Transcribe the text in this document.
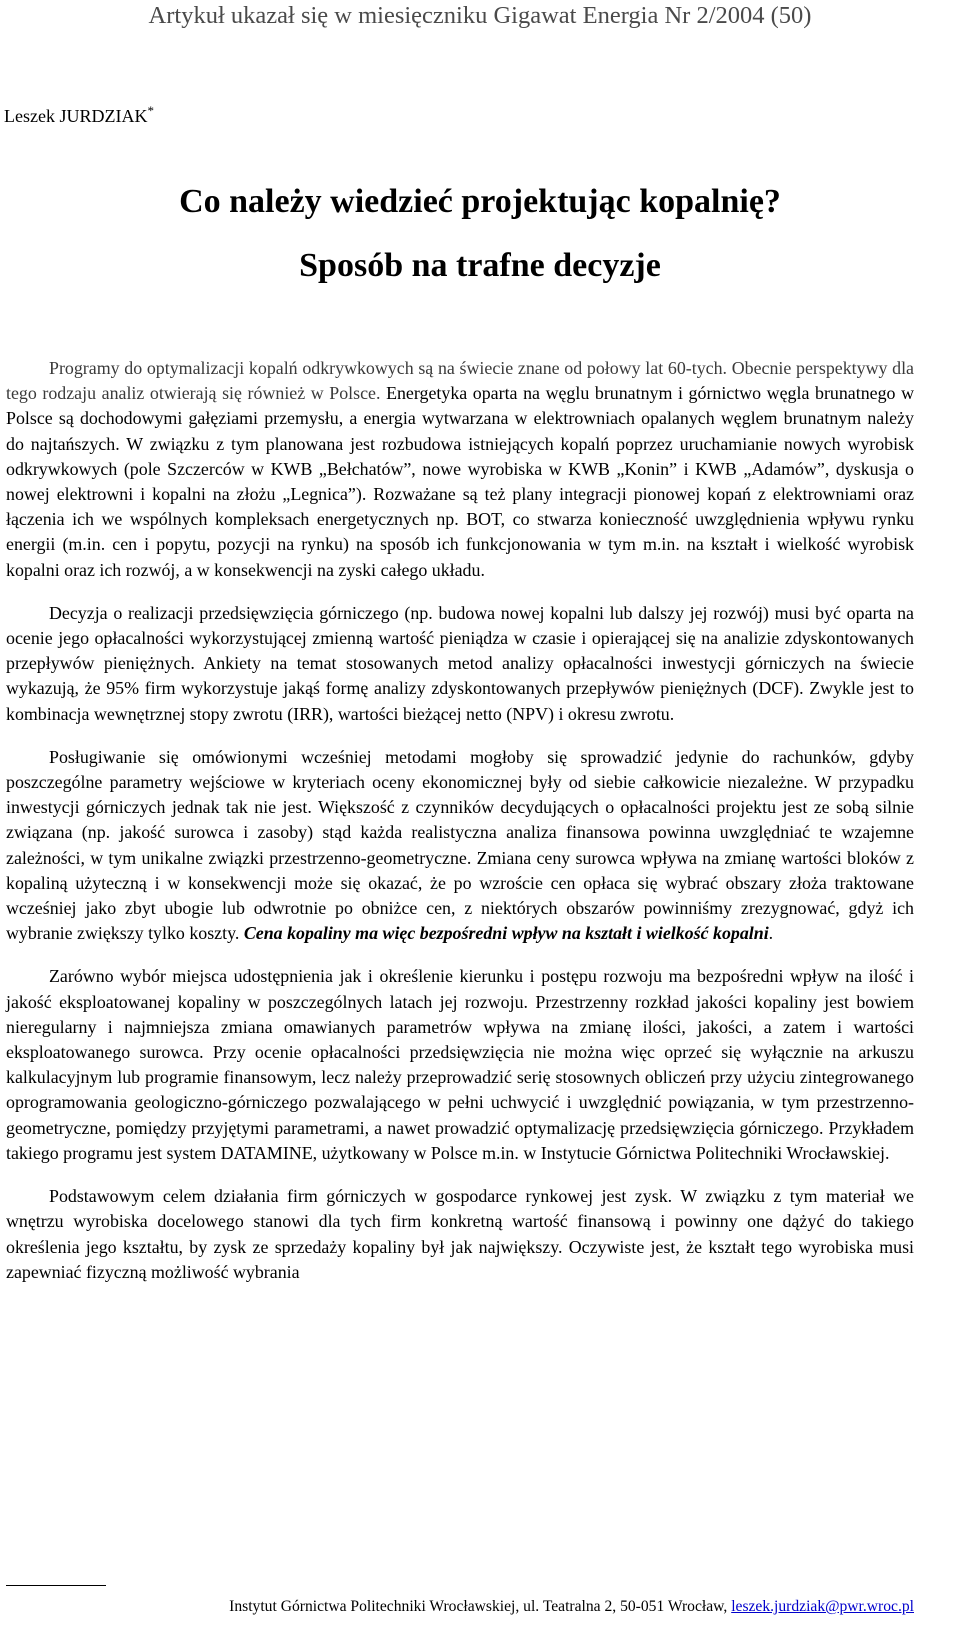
Artykuł ukazał się w miesięczniku Gigawat Energia Nr 2/2004 (50)
Leszek JURDZIAK*
Co należy wiedzieć projektując kopalnię?
Sposób na trafne decyzje

Programy do optymalizacji kopalń odkrywkowych są na świecie znane od połowy lat 60-tych. Obecnie perspektywy dla tego rodzaju analiz otwierają się również w Polsce. Energetyka oparta na węglu brunatnym i górnictwo węgla brunatnego w Polsce są dochodowymi gałęziami przemysłu, a energia wytwarzana w elektrowniach opalanych węglem brunatnym należy do najtańszych. W związku z tym planowana jest rozbudowa istniejących kopalń poprzez uruchamianie nowych wyrobisk odkrywkowych (pole Szczerców w KWB „Bełchatów”, nowe wyrobiska w KWB „Konin” i KWB „Adamów”, dyskusja o nowej elektrowni i kopalni na złożu „Legnica”). Rozważane są też plany integracji pionowej kopań z elektrowniami oraz łączenia ich we wspólnych kompleksach energetycznych np. BOT, co stwarza konieczność uwzględnienia wpływu rynku energii (m.in. cen i popytu, pozycji na rynku) na sposób ich funkcjonowania w tym m.in. na kształt i wielkość wyrobisk kopalni oraz ich rozwój, a w konsekwencji na zyski całego układu.

Decyzja o realizacji przedsięwzięcia górniczego (np. budowa nowej kopalni lub dalszy jej rozwój) musi być oparta na ocenie jego opłacalności wykorzystującej zmienną wartość pieniądza w czasie i opierającej się na analizie zdyskontowanych przepływów pieniężnych. Ankiety na temat stosowanych metod analizy opłacalności inwestycji górniczych na świecie wykazują, że 95% firm wykorzystuje jakąś formę analizy zdyskontowanych przepływów pieniężnych (DCF). Zwykle jest to kombinacja wewnętrznej stopy zwrotu (IRR), wartości bieżącej netto (NPV) i okresu zwrotu.

Posługiwanie się omówionymi wcześniej metodami mogłoby się sprowadzić jedynie do rachunków, gdyby poszczególne parametry wejściowe w kryteriach oceny ekonomicznej były od siebie całkowicie niezależne. W przypadku inwestycji górniczych jednak tak nie jest. Większość z czynników decydujących o opłacalności projektu jest ze sobą silnie związana (np. jakość surowca i zasoby) stąd każda realistyczna analiza finansowa powinna uwzględniać te wzajemne zależności, w tym unikalne związki przestrzenno-geometryczne. Zmiana ceny surowca wpływa na zmianę wartości bloków z kopaliną użyteczną i w konsekwencji może się okazać, że po wzroście cen opłaca się wybrać obszary złoża traktowane wcześniej jako zbyt ubogie lub odwrotnie po obniżce cen, z niektórych obszarów powinniśmy zrezygnować, gdyż ich wybranie zwiększy tylko koszty. Cena kopaliny ma więc bezpośredni wpływ na kształt i wielkość kopalni.

Zarówno wybór miejsca udostępnienia jak i określenie kierunku i postępu rozwoju ma bezpośredni wpływ na ilość i jakość eksploatowanej kopaliny w poszczególnych latach jej rozwoju. Przestrzenny rozkład jakości kopaliny jest bowiem nieregularny i najmniejsza zmiana omawianych parametrów wpływa na zmianę ilości, jakości, a zatem i wartości eksploatowanego surowca. Przy ocenie opłacalności przedsięwzięcia nie można więc oprzeć się wyłącznie na arkuszu kalkulacyjnym lub programie finansowym, lecz należy przeprowadzić serię stosownych obliczeń przy użyciu zintegrowanego oprogramowania geologiczno-górniczego pozwalającego w pełni uchwycić i uwzględnić powiązania, w tym przestrzenno-geometryczne, pomiędzy przyjętymi parametrami, a nawet prowadzić optymalizację przedsięwzięcia górniczego. Przykładem takiego programu jest system DATAMINE, użytkowany w Polsce m.in. w Instytucie Górnictwa Politechniki Wrocławskiej.

Podstawowym celem działania firm górniczych w gospodarce rynkowej jest zysk. W związku z tym materiał we wnętrzu wyrobiska docelowego stanowi dla tych firm konkretną wartość finansową i powinny one dążyć do takiego określenia jego kształtu, by zysk ze sprzedaży kopaliny był jak największy. Oczywiste jest, że kształt tego wyrobiska musi zapewniać fizyczną możliwość wybrania

Instytut Górnictwa Politechniki Wrocławskiej, ul. Teatralna 2, 50-051 Wrocław, leszek.jurdziak@pwr.wroc.pl
